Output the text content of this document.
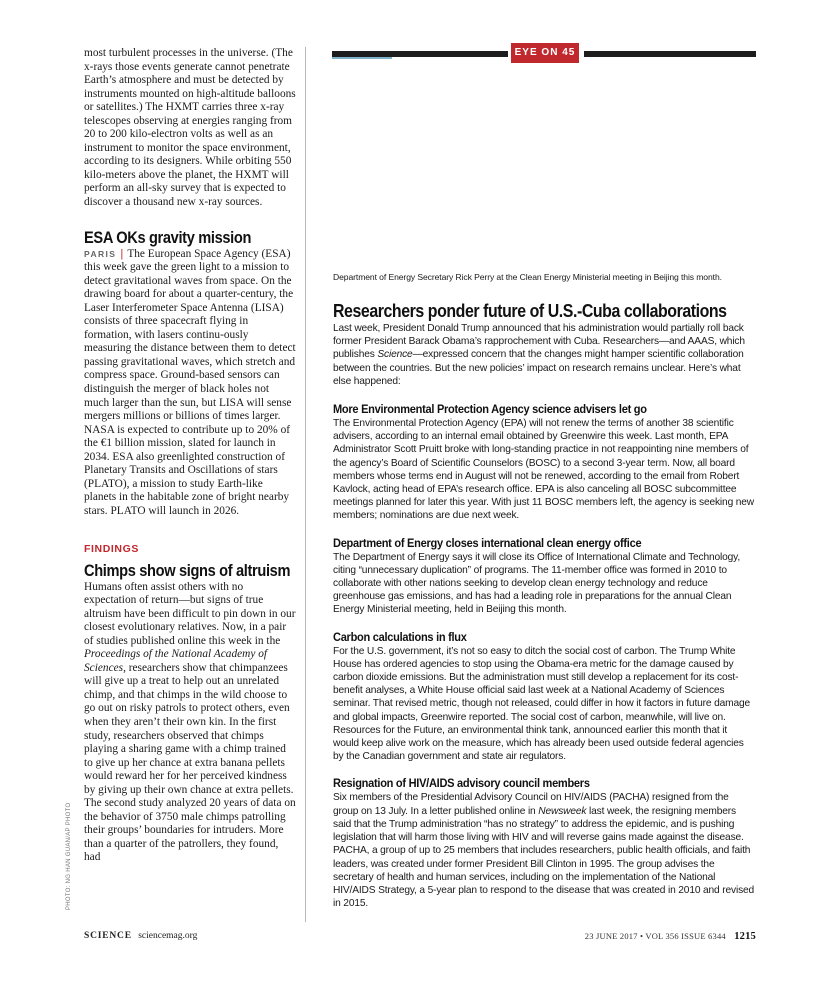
most turbulent processes in the universe. (The x-rays those events generate cannot penetrate Earth’s atmosphere and must be detected by instruments mounted on high-altitude balloons or satellites.) The HXMT carries three x-ray telescopes observing at energies ranging from 20 to 200 kilo-electron volts as well as an instrument to monitor the space environment, according to its designers. While orbiting 550 kilo-meters above the planet, the HXMT will perform an all-sky survey that is expected to discover a thousand new x-ray sources.

ESA OKs gravity mission

PARIS | The European Space Agency (ESA) this week gave the green light to a mission to detect gravitational waves from space. On the drawing board for about a quarter-century, the Laser Interferometer Space Antenna (LISA) consists of three spacecraft flying in formation, with lasers continu-ously measuring the distance between them to detect passing gravitational waves, which stretch and compress space. Ground-based sensors can distinguish the merger of black holes not much larger than the sun, but LISA will sense mergers millions or billions of times larger. NASA is expected to contribute up to 20% of the €1 billion mission, slated for launch in 2034. ESA also greenlighted construction of Planetary Transits and Oscillations of stars (PLATO), a mission to study Earth-like planets in the habitable zone of bright nearby stars. PLATO will launch in 2026.

FINDINGS
Chimps show signs of altruism

Humans often assist others with no expectation of return—but signs of true altruism have been difficult to pin down in our closest evolutionary relatives. Now, in a pair of studies published online this week in the Proceedings of the National Academy of Sciences, researchers show that chimpanzees will give up a treat to help out an unrelated chimp, and that chimps in the wild choose to go out on risky patrols to protect others, even when they aren’t their own kin. In the first study, researchers observed that chimps playing a sharing game with a chimp trained to give up her chance at extra banana pellets would reward her for her perceived kindness by giving up their own chance at extra pellets. The second study analyzed 20 years of data on the behavior of 3750 male chimps patrolling their groups’ boundaries for intruders. More than a quarter of the patrollers, they found, had

PHOTO: NG HAN GUAN/AP PHOTO
EYE ON 45
Department of Energy Secretary Rick Perry at the Clean Energy Ministerial meeting in Beijing this month.
Researchers ponder future of U.S.-Cuba collaborations

Last week, President Donald Trump announced that his administration would partially roll back former President Barack Obama’s rapprochement with Cuba. Researchers—and AAAS, which publishes Science—expressed concern that the changes might hamper scientific collaboration between the countries. But the new policies’ impact on research remains unclear. Here’s what else happened:

More Environmental Protection Agency science advisers let go

The Environmental Protection Agency (EPA) will not renew the terms of another 38 scientific advisers, according to an internal email obtained by Greenwire this week. Last month, EPA Administrator Scott Pruitt broke with long-standing practice in not reappointing nine members of the agency’s Board of Scientific Counselors (BOSC) to a second 3-year term. Now, all board members whose terms end in August will not be renewed, according to the email from Robert Kavlock, acting head of EPA’s research office. EPA is also canceling all BOSC subcommittee meetings planned for later this year. With just 11 BOSC members left, the agency is seeking new members; nominations are due next week.

Department of Energy closes international clean energy office

The Department of Energy says it will close its Office of International Climate and Technology, citing “unnecessary duplication” of programs. The 11-member office was formed in 2010 to collaborate with other nations seeking to develop clean energy technology and reduce greenhouse gas emissions, and has had a leading role in preparations for the annual Clean Energy Ministerial meeting, held in Beijing this month.

Carbon calculations in flux

For the U.S. government, it’s not so easy to ditch the social cost of carbon. The Trump White House has ordered agencies to stop using the Obama-era metric for the damage caused by carbon dioxide emissions. But the administration must still develop a replacement for its cost-benefit analyses, a White House official said last week at a National Academy of Sciences seminar. That revised metric, though not released, could differ in how it factors in future damage and global impacts, Greenwire reported. The social cost of carbon, meanwhile, will live on. Resources for the Future, an environmental think tank, announced earlier this month that it would keep alive work on the measure, which has already been used outside federal agencies by the Canadian government and state air regulators.

Resignation of HIV/AIDS advisory council members

Six members of the Presidential Advisory Council on HIV/AIDS (PACHA) resigned from the group on 13 July. In a letter published online in Newsweek last week, the resigning members said that the Trump administration “has no strategy” to address the epidemic, and is pushing legislation that will harm those living with HIV and will reverse gains made against the disease. PACHA, a group of up to 25 members that includes researchers, public health officials, and faith leaders, was created under former President Bill Clinton in 1995. The group advises the secretary of health and human services, including on the implementation of the National HIV/AIDS Strategy, a 5-year plan to respond to the disease that was created in 2010 and revised in 2015.

SCIENCE sciencemag.org	23 JUNE 2017 • VOL 356 ISSUE 6344 1215
